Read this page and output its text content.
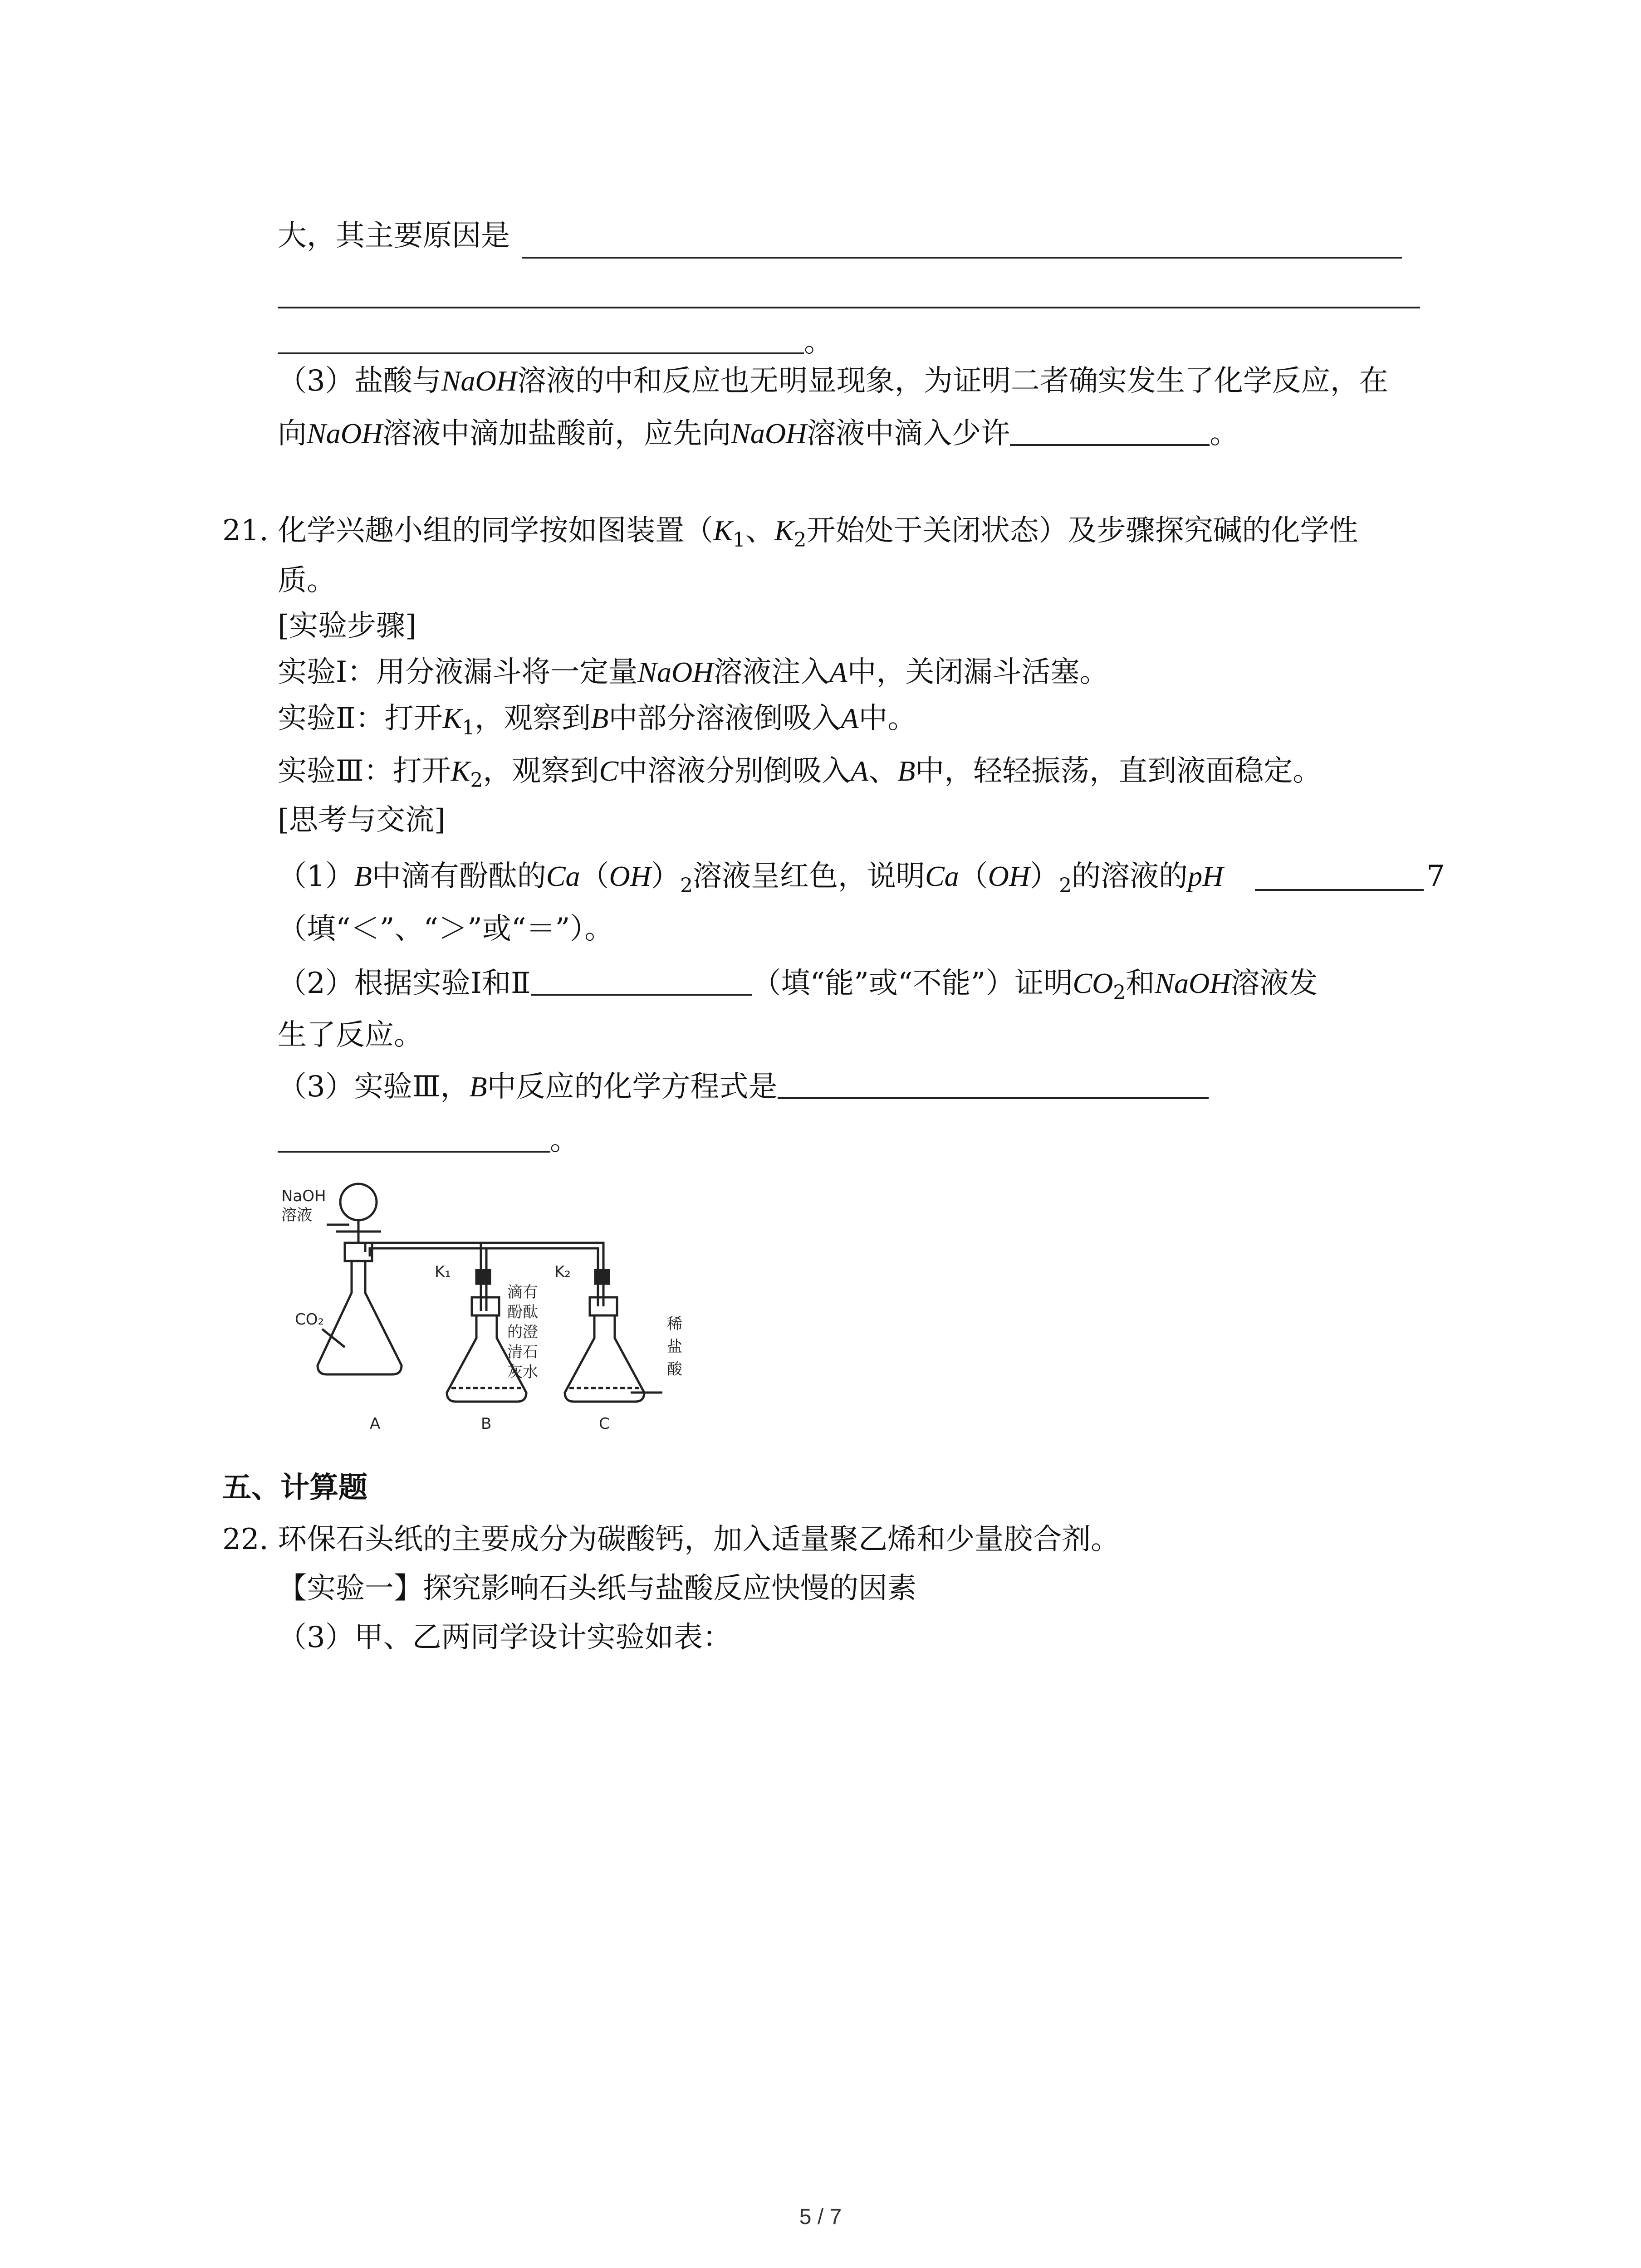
大，其主要原因是
。
（3）盐酸与NaOH溶液的中和反应也无明显现象，为证明二者确实发生了化学反应，在
向NaOH溶液中滴加盐酸前，应先向NaOH溶液中滴入少许	。
21. 化学兴趣小组的同学按如图装置（$K_1$、$K_2$开始处于关闭状态）及步骤探究碱的化学性
质。
[实验步骤]
实验Ⅰ：用分液漏斗将一定量NaOH溶液注入A中，关闭漏斗活塞。
实验Ⅱ：打开$K_1$，观察到B中部分溶液倒吸入A中。
实验Ⅲ：打开$K_2$，观察到C中溶液分别倒吸入A、B中，轻轻振荡，直到液面稳定。
[思考与交流]
（1）B中滴有酚酞的$Ca(OH)_2$溶液呈红色，说明$Ca(OH)_2$的溶液的pH	7
（填“＜”、“＞”或“＝”）。
（2）根据实验Ⅰ和Ⅱ	（填“能”或“不能”）证明$CO_2$和NaOH溶液发
生了反应。
（3）实验Ⅲ，B中反应的化学方程式是
。
NaOH
溶液
CO₂
K₁	K₂
滴有
酚酞
的澄
清石
灰水
稀
盐
酸
A	B	C
五、计算题
22. 环保石头纸的主要成分为碳酸钙，加入适量聚乙烯和少量胶合剂。
【实验一】探究影响石头纸与盐酸反应快慢的因素
（3）甲、乙两同学设计实验如表：
5 / 7
